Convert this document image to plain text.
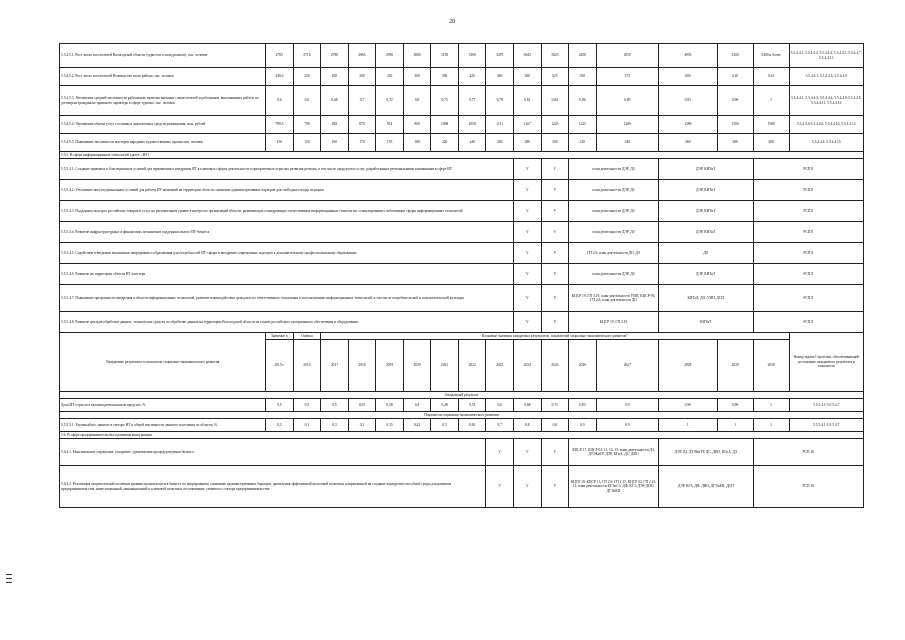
20
5.5.4.5.1. Рост числа посетителей Вологодской области (туристов и экскурсантов), тыс. человек	2705	2716	2780	2865	2950	3000	3150	3300	3470	3645	3825	4250	4550	4950	5200	5400 и более	5.5.4.4.1, 5.5.4.4.2, 5.5.4.4.4, 5.5.4.4.5, 5.5.4.4.7, 5.5.4.4.13
5.5.4.5.2. Рост числа посетителей Великоустюгского района, тыс. человек	249,6	250	250	200	230	360	390	420	460	500	525	550	575	600	610	624	5.5.4.4.1, 5.5.4.4.6, 5.5.4.4.9
5.5.4.5.3. Увеличение средней численности работников, включая внешних совместителей и работников, выполнявших работы по договорам гражданско-правового характера в сфере туризма, тыс. человек	0,6	0,6	0,68	0,7	0,72	0,8	0,75	0,77	0,79	0,81	0,84	0,86	0,89	0,93	0,98	1	5.5.4.4.1, 5.5.4.4.3, 5.5.4.4.4, 5.5.4.4.6-5.5.4.4.8, 5.5.4.4.11, 5.5.4.4.16
5.5.4.5.4. Увеличение объема услуг гостиниц и аналогичных средств размещения, млн. рублей	789,5	790	829	870	914	960	1008	1058	1111	1167	1225	1225	1286	1389	1500	1580	5.5.4.4.4-5.5.4.4.6, 5.5.4.4.10, 5.5.4.4.12
5.5.4.5.5. Повышение численности мастеров народных художественных промыслов, человек	150	150	160	170	176	180	220	240	260	280	300	320	340	360	380	400	5.5.4.4.4, 5.5.4.4.15
5.5.5. В сфере информационных технологий (далее – ИТ)																	
5.5.5.4.1. Создание правовых и благоприятных условий для применения и внедрения ИТ в ключевых сферах деятельности и приоритетных отраслях развития региона, в том числе продуктов и услуг, разработанных региональными компаниями в сфере ИТ										V	V	план деятельности ДЭР, ДЗ		ДЭР, КИТиТ		РСП 8	
5.5.5.4.2. Улучшение институциональных условий для работы ИТ-компаний на территории области, снижение административных барьеров для свободного входа на рынок										V	V	план деятельности ДЭР, ДЗ		ДЭР, КИТиТ		РСП 8	
5.5.5.4.3. Поддержка экспорта российских товаров и услуг на региональном уровне в интересах организаций области, развивающих и внедряющих отечественные информационные технологии, стимулирование глобализации сферы информационных технологий										V	V	план деятельности ДЭР, ДЗ		ДЭР, КИТиТ		РСП 8	
5.5.5.4.4. Развитие инфраструктурных и финансовых механизмов поддержки малого ИТ-бизнеса										V	V	план деятельности ДЭР, ДЗ		ДЭР, КИТиТ		РСП 8	
5.5.5.4.5. Содействие в введении механизмов непрерывного образования для потребностей ИТ-сферы и внедрение современных подходов к дополнительному профессиональному образованию										V	V	ГП 2.6, план деятельности ДО, ДЗ		ДО		РСП 8	
5.5.5.4.6. Развитие на территории области ИТ-кластера										V	V	план деятельности ДЭР, ДЗ		ДЭР, КИТиТ		РСП 8	
5.5.5.4.7. Повышение прозрачности внедрения в области информационных технологий, развитие взаимодействия граждан и их ответственного отношения к использованию информационных технологий, в том числе потребительской и пользовательской культуры										V	V	КЦСР 19, ГП 3.19, план деятельности УИП, КЦСР-93, ГП 2.6, план деятельности ДО		КИТиТ, ДО, УИП, ДСП		РСП 8	
5.5.5.4.8. Развитие центров обработки данных, технических средств по обработке данных на территории Вологодской области на основе российского программного обеспечения и оборудования										V	V	КЦСР 19, ГП 3.19		КИТиТ		РСП 8	
Ожидаемые результаты и показатели социально-экономического развития	Значение в	Оценка	Плановые значения ожидаемых результатов, показателей социально-экономического развития*														Номер задачи Стратегии, обеспечивающей достижение ожидаемого результата и показателя
	2015 г.	2016	2017	2018	2019	2020	2021	2022	2023	2024	2025	2026	2027	2028	2029	2030	
Ожидаемый результат																	
Доля ИТ-отрасли в валовом региональном продукте, %	0,5	0,5	0,5	0,55	0,58	0,4	0,48	0,53	0,6	0,68	0,71	0,83	0,9	0,96	0,98	1	5.5.5.4.1-5.5.5.4.7
Показатели социально-экономического развития																	
5.5.5.5.1. Удельный вес занятых в секторе ИТ в общей численности занятого населения по области, %	0,3	0,3	0,3	0,3	0,35	0,42	0,5	0,65	0,7	0,8	0,8	0,9	0,9	1	1	1	5.5.5.4.1-5.5.5.4.7
5.6. В сфере предпринимательства и развития конкуренции																	
5.6.4.1. Максимальное упрощение, ускорение, удешевление процедур ведения бизнеса									V	V	V	КЦСР 17, КЦСР 04, 11, 14, 15, план деятельности ДЗ, ДТЭКиТР, ДЭР, КГиА, ДС, ДИО		ДЭР, ДЗ, ДТЭКиТР, ДС, ДИО, КГиА, ДЗ		РСП 16	
5.6.4.2. Реализация защитительной политики администрации власти в бизнесе по непрерывному снижению административных барьеров, проведения эффективной налоговой политики, направленной на создание конкурентоспособной среды для развития предпринимательства, инвестиционной, инновационной и ключевой политики, отслеживание «теневого» сектора предпринимательства									V	V	V	КЦСР 18, КЦСР 13, ГП 2.8, ГП 2.17, КЦСР 03, ГП 2.16, 11, план деятельности КГЭиСЗ, ДФ, КГЗ, ДЭР, ДИО, ДГУиКП		ДЭР, КГЗ, ДФ, ДИО, ДГУиКП, ДСП		РСП 16	
